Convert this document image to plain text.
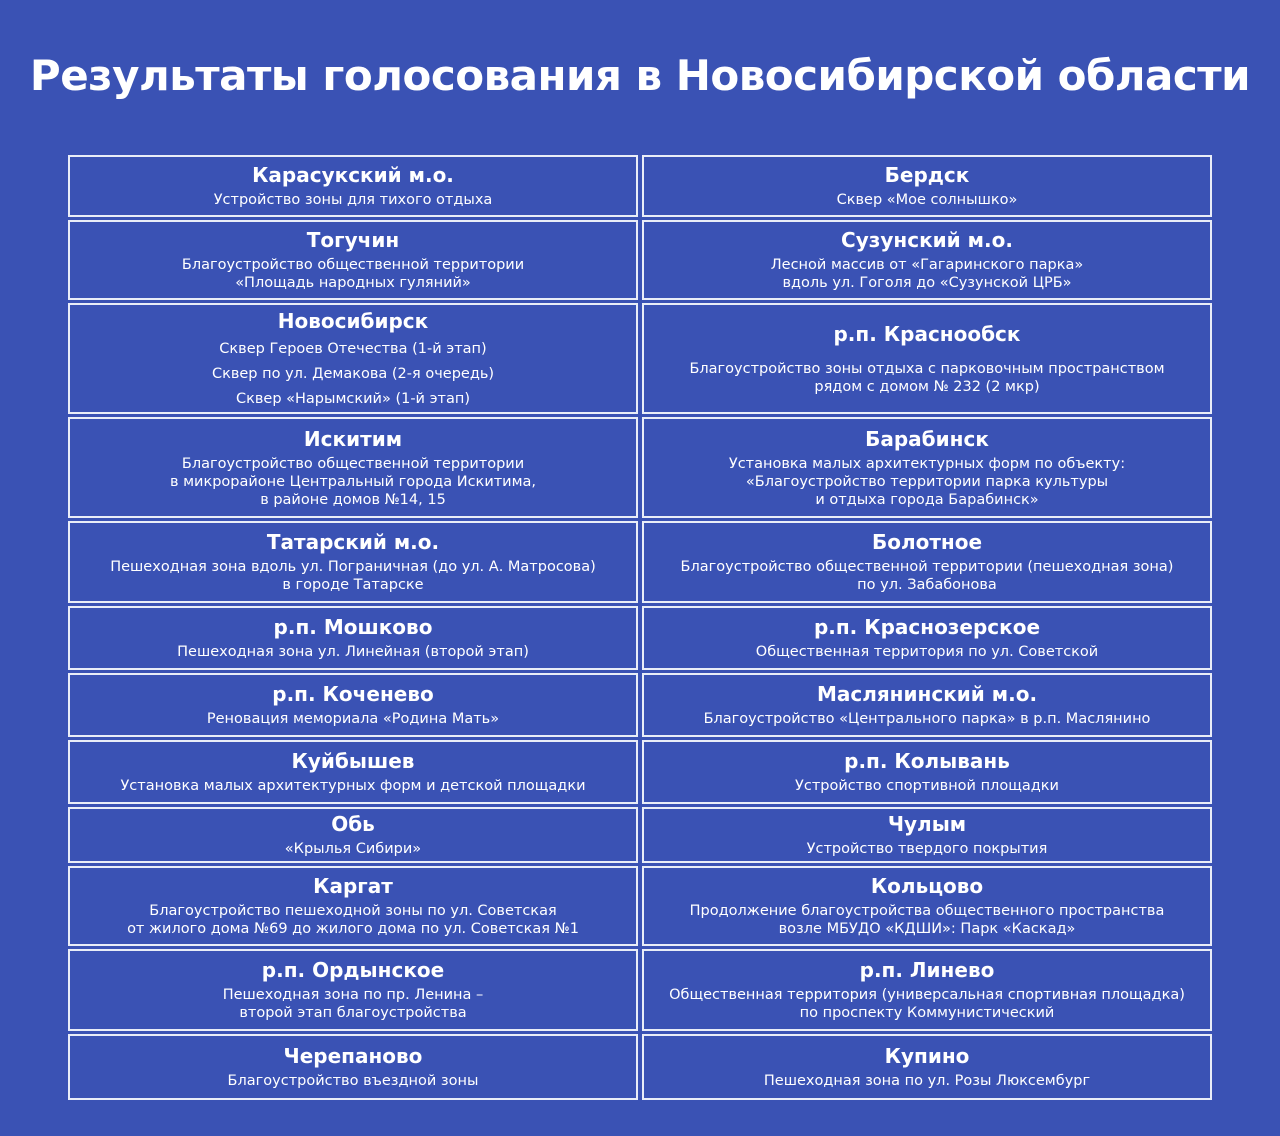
Результаты голосования в Новосибирской области
Карасукский м.о.
Устройство зоны для тихого отдыха
Бердск
Сквер «Мое солнышко»
Тогучин
Благоустройство общественной территории
«Площадь народных гуляний»
Сузунский м.о.
Лесной массив от «Гагаринского парка»
вдоль ул. Гоголя до «Сузунской ЦРБ»
Новосибирск
Сквер Героев Отечества (1-й этап)
Сквер по ул. Демакова (2-я очередь)
Сквер «Нарымский» (1-й этап)
р.п. Краснообск
Благоустройство зоны отдыха с парковочным пространством
рядом с домом № 232 (2 мкр)
Искитим
Благоустройство общественной территории
в микрорайоне Центральный города Искитима,
в районе домов №14, 15
Барабинск
Установка малых архитектурных форм по объекту:
«Благоустройство территории парка культуры
и отдыха города Барабинск»
Татарский м.о.
Пешеходная зона вдоль ул. Пограничная (до ул. А. Матросова)
в городе Татарске
Болотное
Благоустройство общественной территории (пешеходная зона)
по ул. Забабонова
р.п. Мошково
Пешеходная зона ул. Линейная (второй этап)
р.п. Краснозерское
Общественная территория по ул. Советской
р.п. Коченево
Реновация мемориала «Родина Мать»
Маслянинский м.о.
Благоустройство «Центрального парка» в р.п. Маслянино
Куйбышев
Установка малых архитектурных форм и детской площадки
р.п. Колывань
Устройство спортивной площадки
Обь
«Крылья Сибири»
Чулым
Устройство твердого покрытия
Каргат
Благоустройство пешеходной зоны по ул. Советская
от жилого дома №69 до жилого дома по ул. Советская №1
Кольцово
Продолжение благоустройства общественного пространства
возле МБУДО «КДШИ»: Парк «Каскад»
р.п. Ордынское
Пешеходная зона по пр. Ленина –
второй этап благоустройства
р.п. Линево
Общественная территория (универсальная спортивная площадка)
по проспекту Коммунистический
Черепаново
Благоустройство въездной зоны
Купино
Пешеходная зона по ул. Розы Люксембург
